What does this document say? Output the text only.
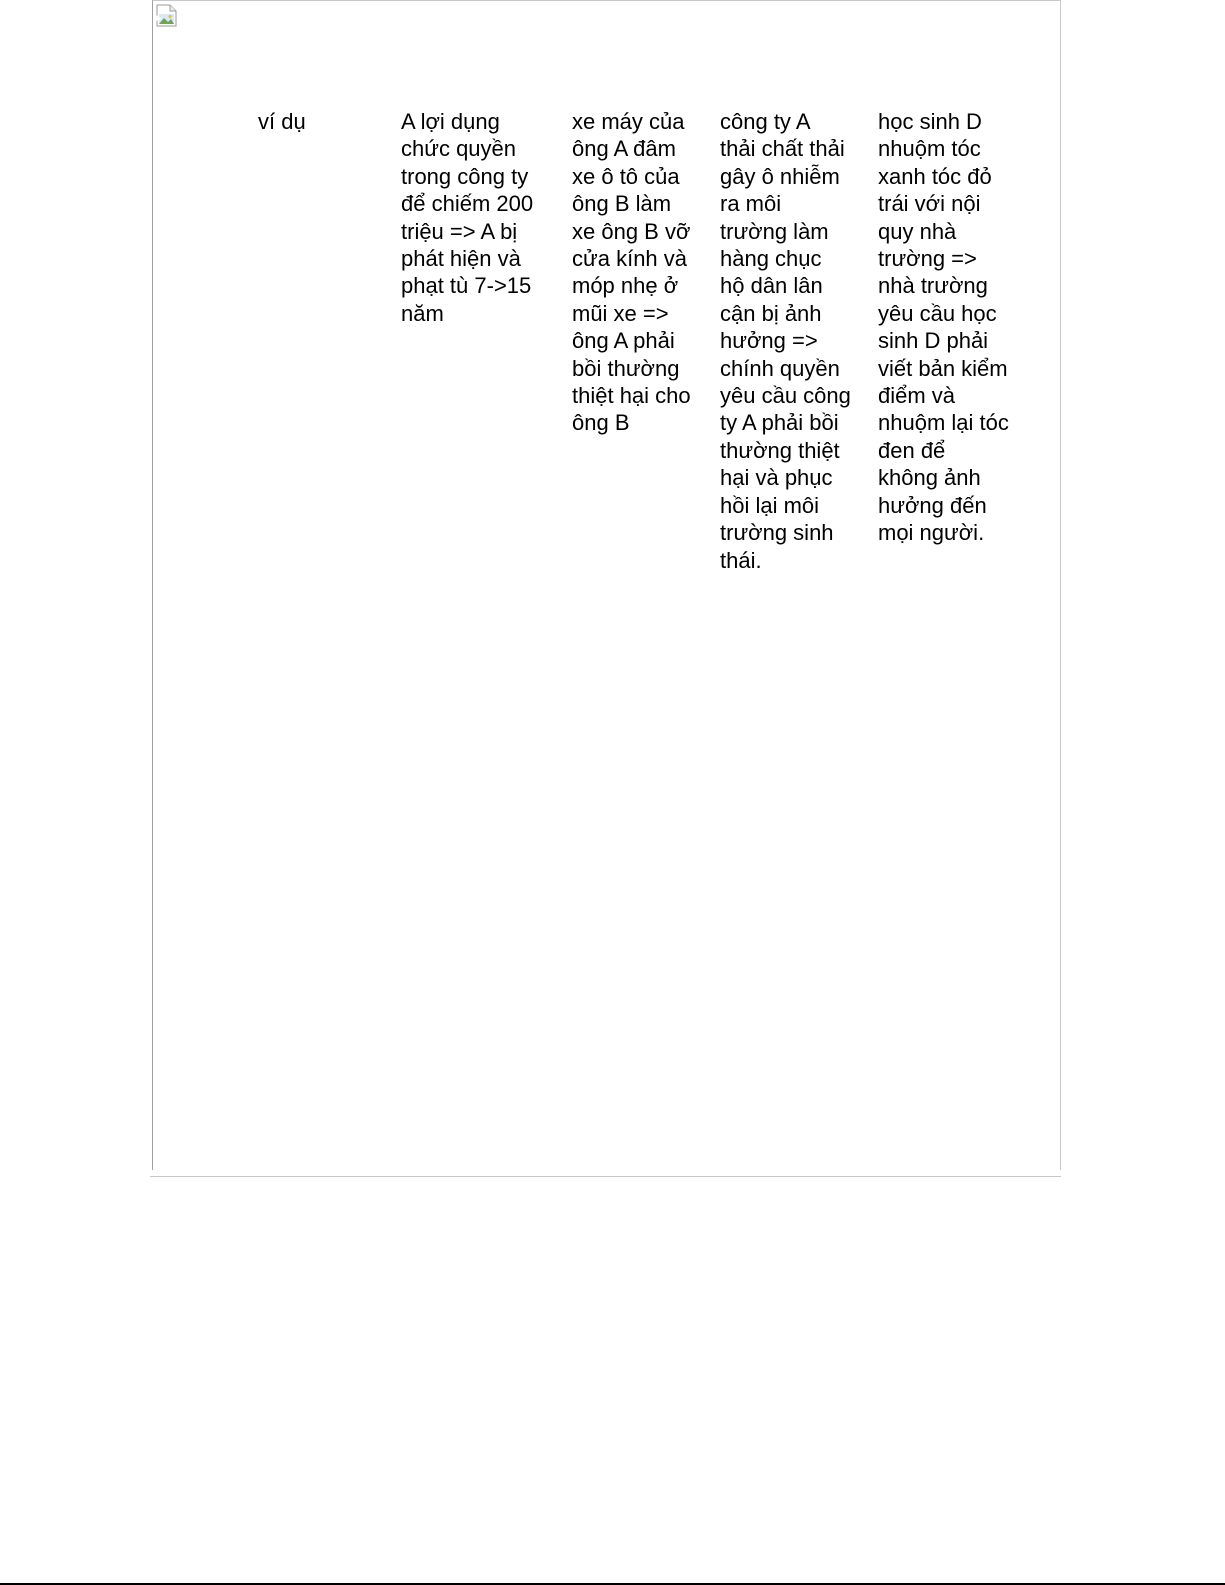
ví dụ	A lợi dụng
chức quyền
trong công ty
để chiếm 200
triệu => A bị
phát hiện và
phạt tù 7->15
năm
xe máy của
ông A đâm
xe ô tô của
ông B làm
xe ông B vỡ
cửa kính và
móp nhẹ ở
mũi xe =>
ông A phải
bồi thường
thiệt hại cho
ông B
công ty A
thải chất thải
gây ô nhiễm
ra môi
trường làm
hàng chục
hộ dân lân
cận bị ảnh
hưởng =>
chính quyền
yêu cầu công
ty A phải bồi
thường thiệt
hại và phục
hồi lại môi
trường sinh
thái.
học sinh D
nhuộm tóc
xanh tóc đỏ
trái với nội
quy nhà
trường =>
nhà trường
yêu cầu học
sinh D phải
viết bản kiểm
điểm và
nhuộm lại tóc
đen để
không ảnh
hưởng đến
mọi người.
